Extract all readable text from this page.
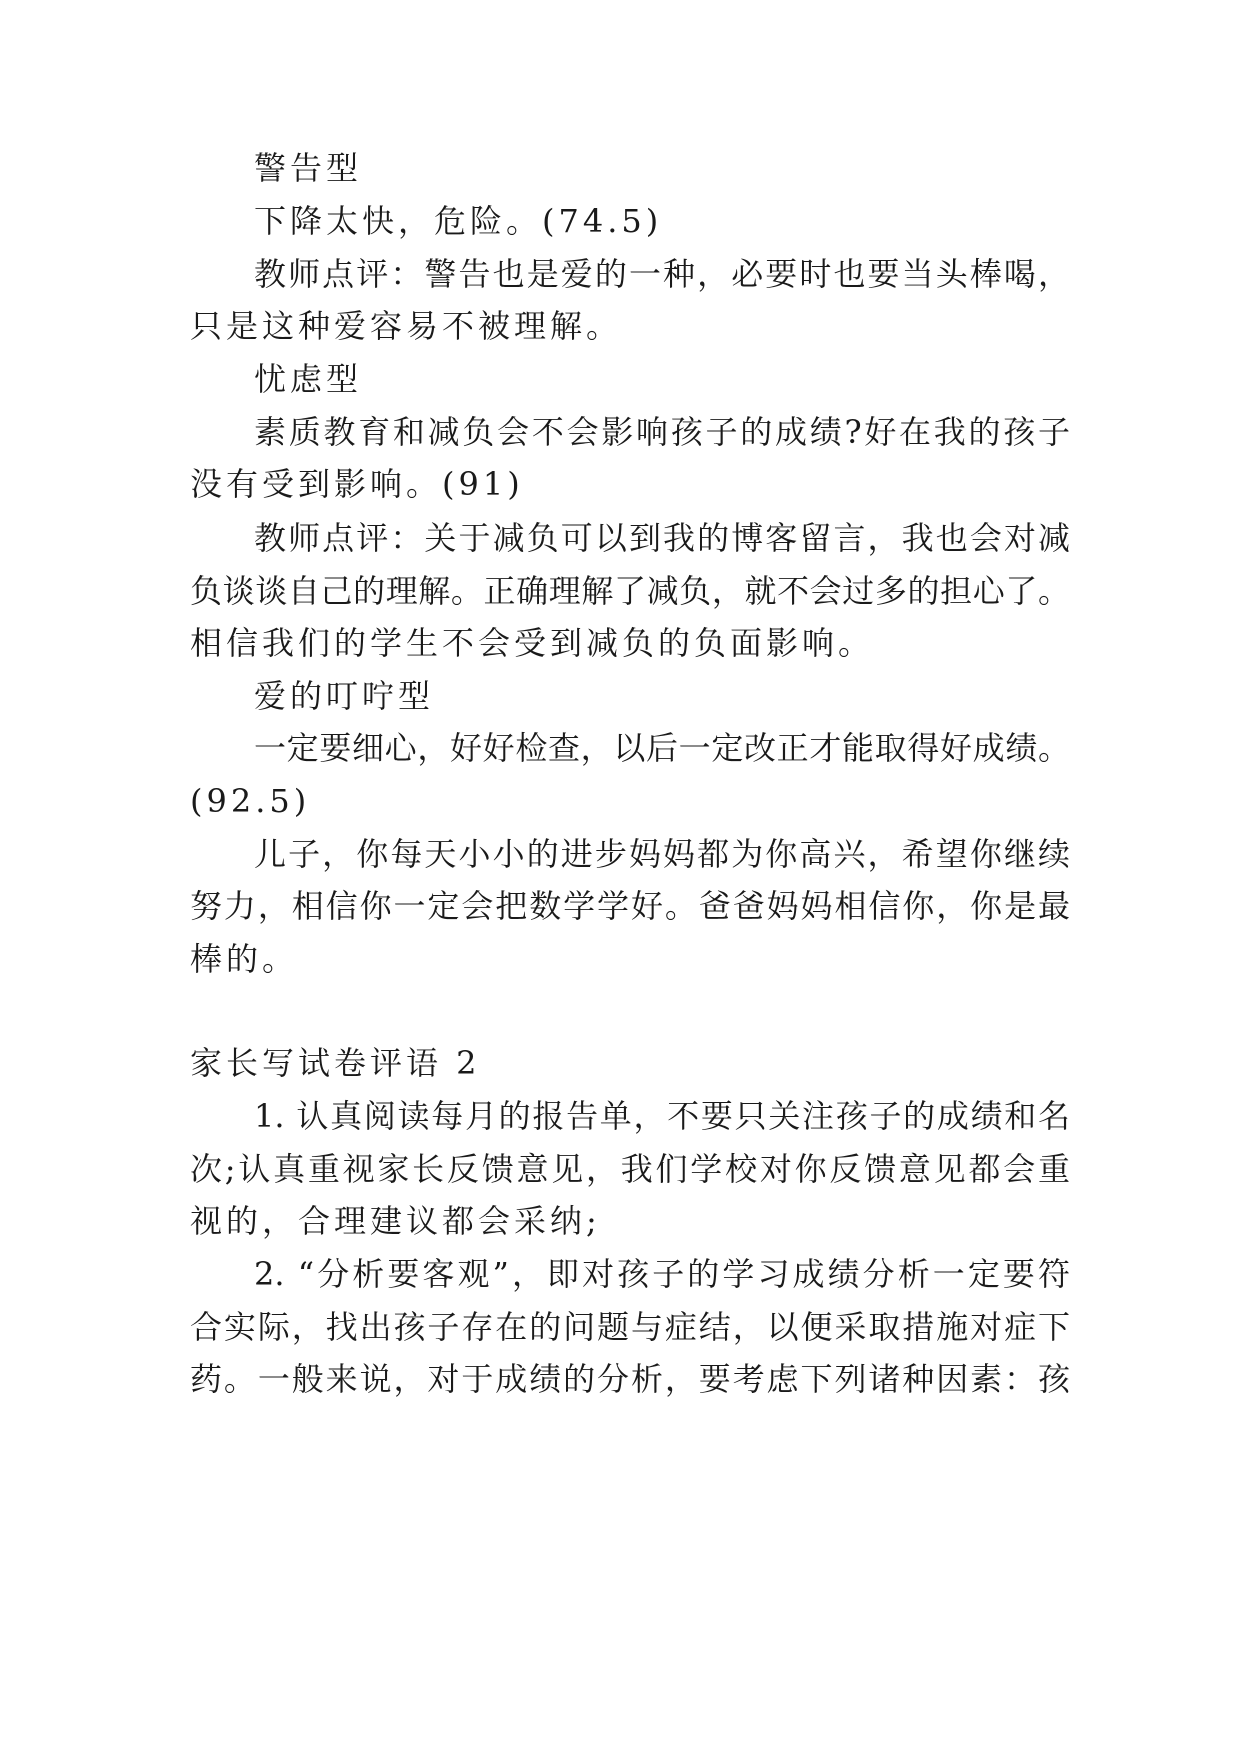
警告型
下降太快，危险。(74.5)
教师点评：警告也是爱的一种，必要时也要当头棒喝，
只是这种爱容易不被理解。
忧虑型
素质教育和减负会不会影响孩子的成绩?好在我的孩子
没有受到影响。(91)
教师点评：关于减负可以到我的博客留言，我也会对减
负谈谈自己的理解。正确理解了减负，就不会过多的担心了。
相信我们的学生不会受到减负的负面影响。
爱的叮咛型
一定要细心，好好检查，以后一定改正才能取得好成绩。
(92.5)
儿子，你每天小小的进步妈妈都为你高兴，希望你继续
努力，相信你一定会把数学学好。爸爸妈妈相信你，你是最
棒的。
家长写试卷评语 2
1. 认真阅读每月的报告单，不要只关注孩子的成绩和名
次;认真重视家长反馈意见，我们学校对你反馈意见都会重
视的，合理建议都会采纳;
2. “分析要客观”，即对孩子的学习成绩分析一定要符
合实际，找出孩子存在的问题与症结，以便采取措施对症下
药。一般来说，对于成绩的分析，要考虑下列诸种因素：孩
